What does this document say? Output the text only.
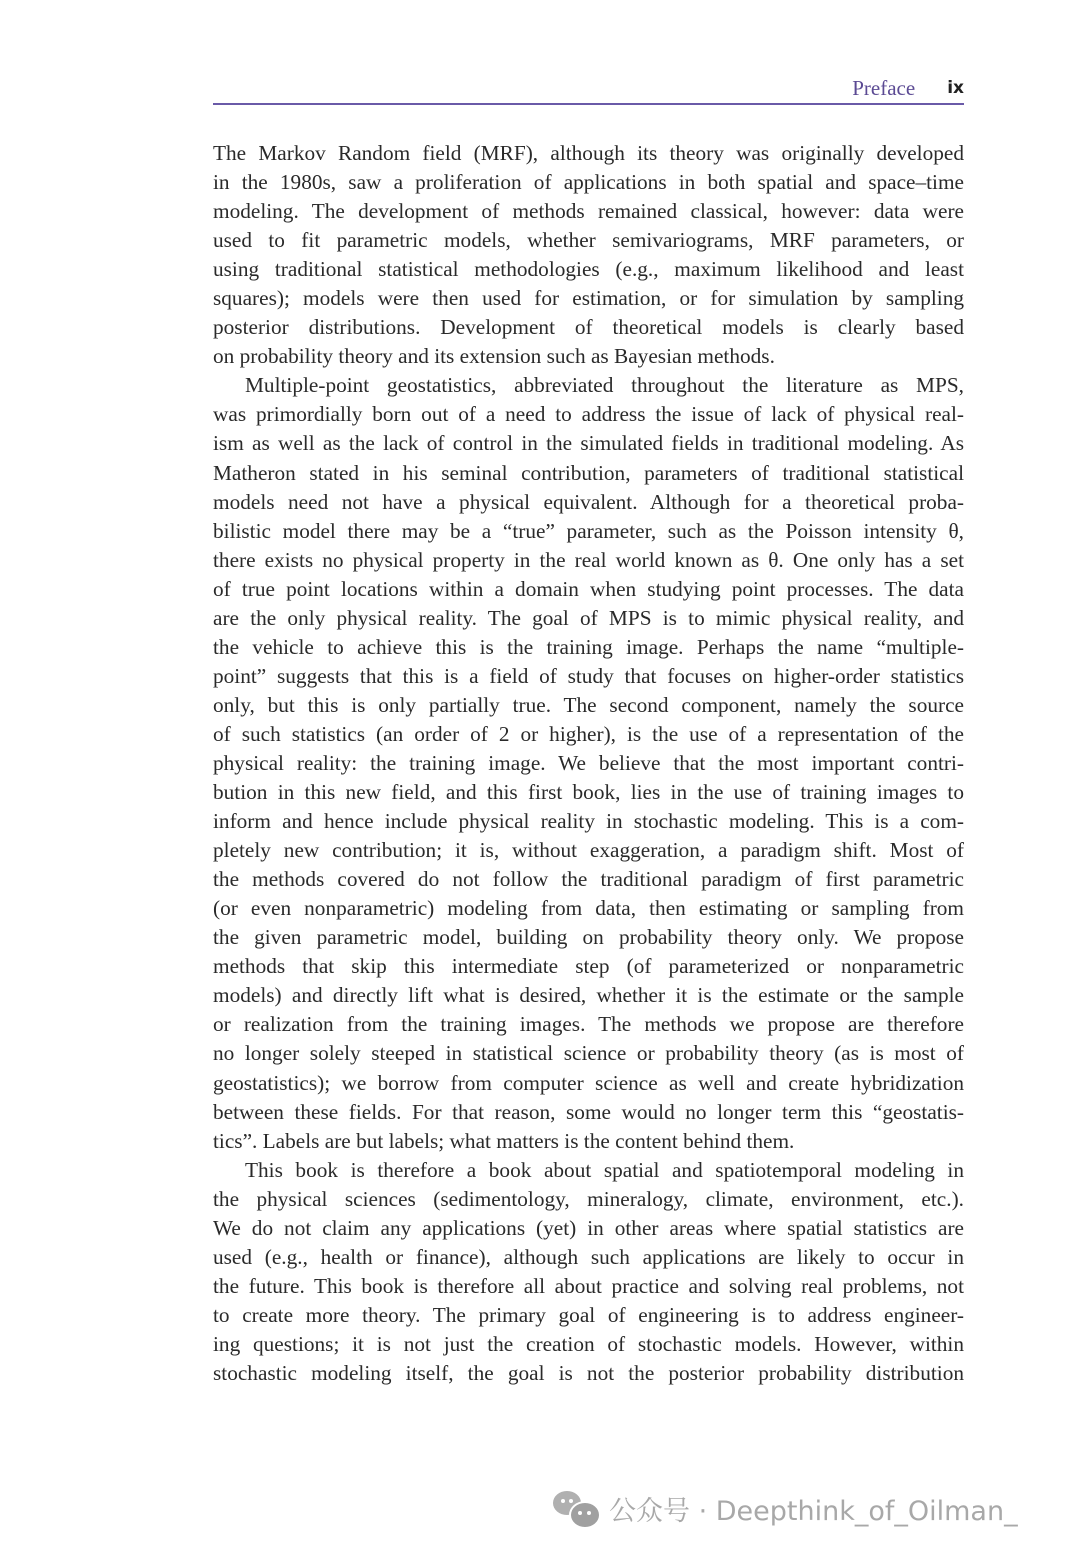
Preface ix
The Markov Random field (MRF), although its theory was originally developed
in the 1980s, saw a proliferation of applications in both spatial and space–time
modeling. The development of methods remained classical, however: data were
used to fit parametric models, whether semivariograms, MRF parameters, or
using traditional statistical methodologies (e.g., maximum likelihood and least
squares); models were then used for estimation, or for simulation by sampling
posterior distributions. Development of theoretical models is clearly based
on probability theory and its extension such as Bayesian methods.
Multiple-point geostatistics, abbreviated throughout the literature as MPS,
was primordially born out of a need to address the issue of lack of physical real-
ism as well as the lack of control in the simulated fields in traditional modeling. As
Matheron stated in his seminal contribution, parameters of traditional statistical
models need not have a physical equivalent. Although for a theoretical proba-
bilistic model there may be a “true” parameter, such as the Poisson intensity θ,
there exists no physical property in the real world known as θ. One only has a set
of true point locations within a domain when studying point processes. The data
are the only physical reality. The goal of MPS is to mimic physical reality, and
the vehicle to achieve this is the training image. Perhaps the name “multiple-
point” suggests that this is a field of study that focuses on higher-order statistics
only, but this is only partially true. The second component, namely the source
of such statistics (an order of 2 or higher), is the use of a representation of the
physical reality: the training image. We believe that the most important contri-
bution in this new field, and this first book, lies in the use of training images to
inform and hence include physical reality in stochastic modeling. This is a com-
pletely new contribution; it is, without exaggeration, a paradigm shift. Most of
the methods covered do not follow the traditional paradigm of first parametric
(or even nonparametric) modeling from data, then estimating or sampling from
the given parametric model, building on probability theory only. We propose
methods that skip this intermediate step (of parameterized or nonparametric
models) and directly lift what is desired, whether it is the estimate or the sample
or realization from the training images. The methods we propose are therefore
no longer solely steeped in statistical science or probability theory (as is most of
geostatistics); we borrow from computer science as well and create hybridization
between these fields. For that reason, some would no longer term this “geostatis-
tics”. Labels are but labels; what matters is the content behind them.
This book is therefore a book about spatial and spatiotemporal modeling in
the physical sciences (sedimentology, mineralogy, climate, environment, etc.).
We do not claim any applications (yet) in other areas where spatial statistics are
used (e.g., health or finance), although such applications are likely to occur in
the future. This book is therefore all about practice and solving real problems, not
to create more theory. The primary goal of engineering is to address engineer-
ing questions; it is not just the creation of stochastic models. However, within
stochastic modeling itself, the goal is not the posterior probability distribution
公众号 · Deepthink_of_Oilman_
